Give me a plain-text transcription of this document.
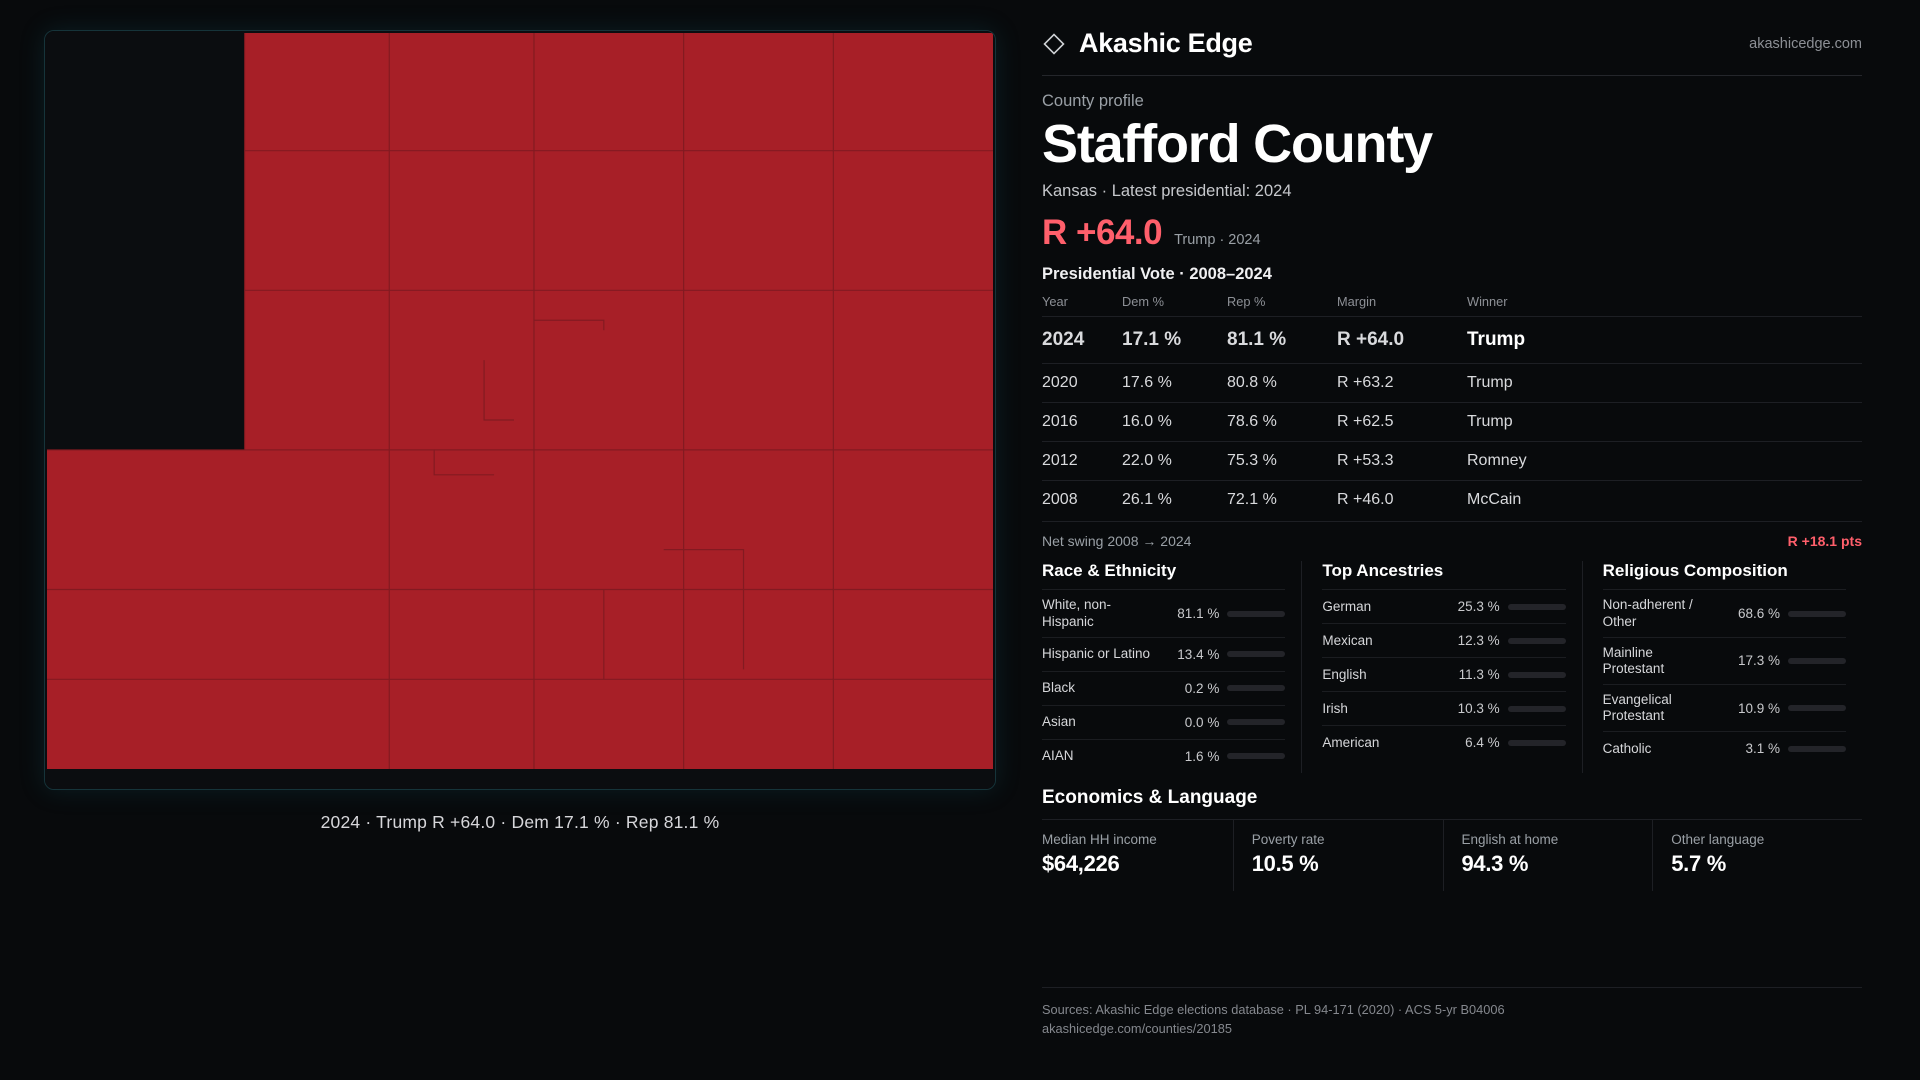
2024 · Trump R +64.0 · Dem 17.1 % · Rep 81.1 %
Akashic Edge	akashicedge.com
County profile
Stafford County
Kansas · Latest presidential: 2024
R +64.0 Trump · 2024
Presidential Vote · 2008–2024
Year	Dem %	Rep %	Margin	Winner
2024	17.1 %	81.1 %	R +64.0	Trump
2020	17.6 %	80.8 %	R +63.2	Trump
2016	16.0 %	78.6 %	R +62.5	Trump
2012	22.0 %	75.3 %	R +53.3	Romney
2008	26.1 %	72.1 %	R +46.0	McCain
Net swing 2008 → 2024	R +18.1 pts
Race & Ethnicity
White, non-Hispanic	81.1 %
Hispanic or Latino	13.4 %
Black	0.2 %
Asian	0.0 %
AIAN	1.6 %
Top Ancestries
German	25.3 %
Mexican	12.3 %
English	11.3 %
Irish	10.3 %
American	6.4 %
Religious Composition
Non-adherent / Other	68.6 %
Mainline Protestant	17.3 %
Evangelical Protestant	10.9 %
Catholic	3.1 %
Economics & Language
Median HH income
$64,226
Poverty rate
10.5 %
English at home
94.3 %
Other language
5.7 %
Sources: Akashic Edge elections database · PL 94-171 (2020) · ACS 5-yr B04006
akashicedge.com/counties/20185
